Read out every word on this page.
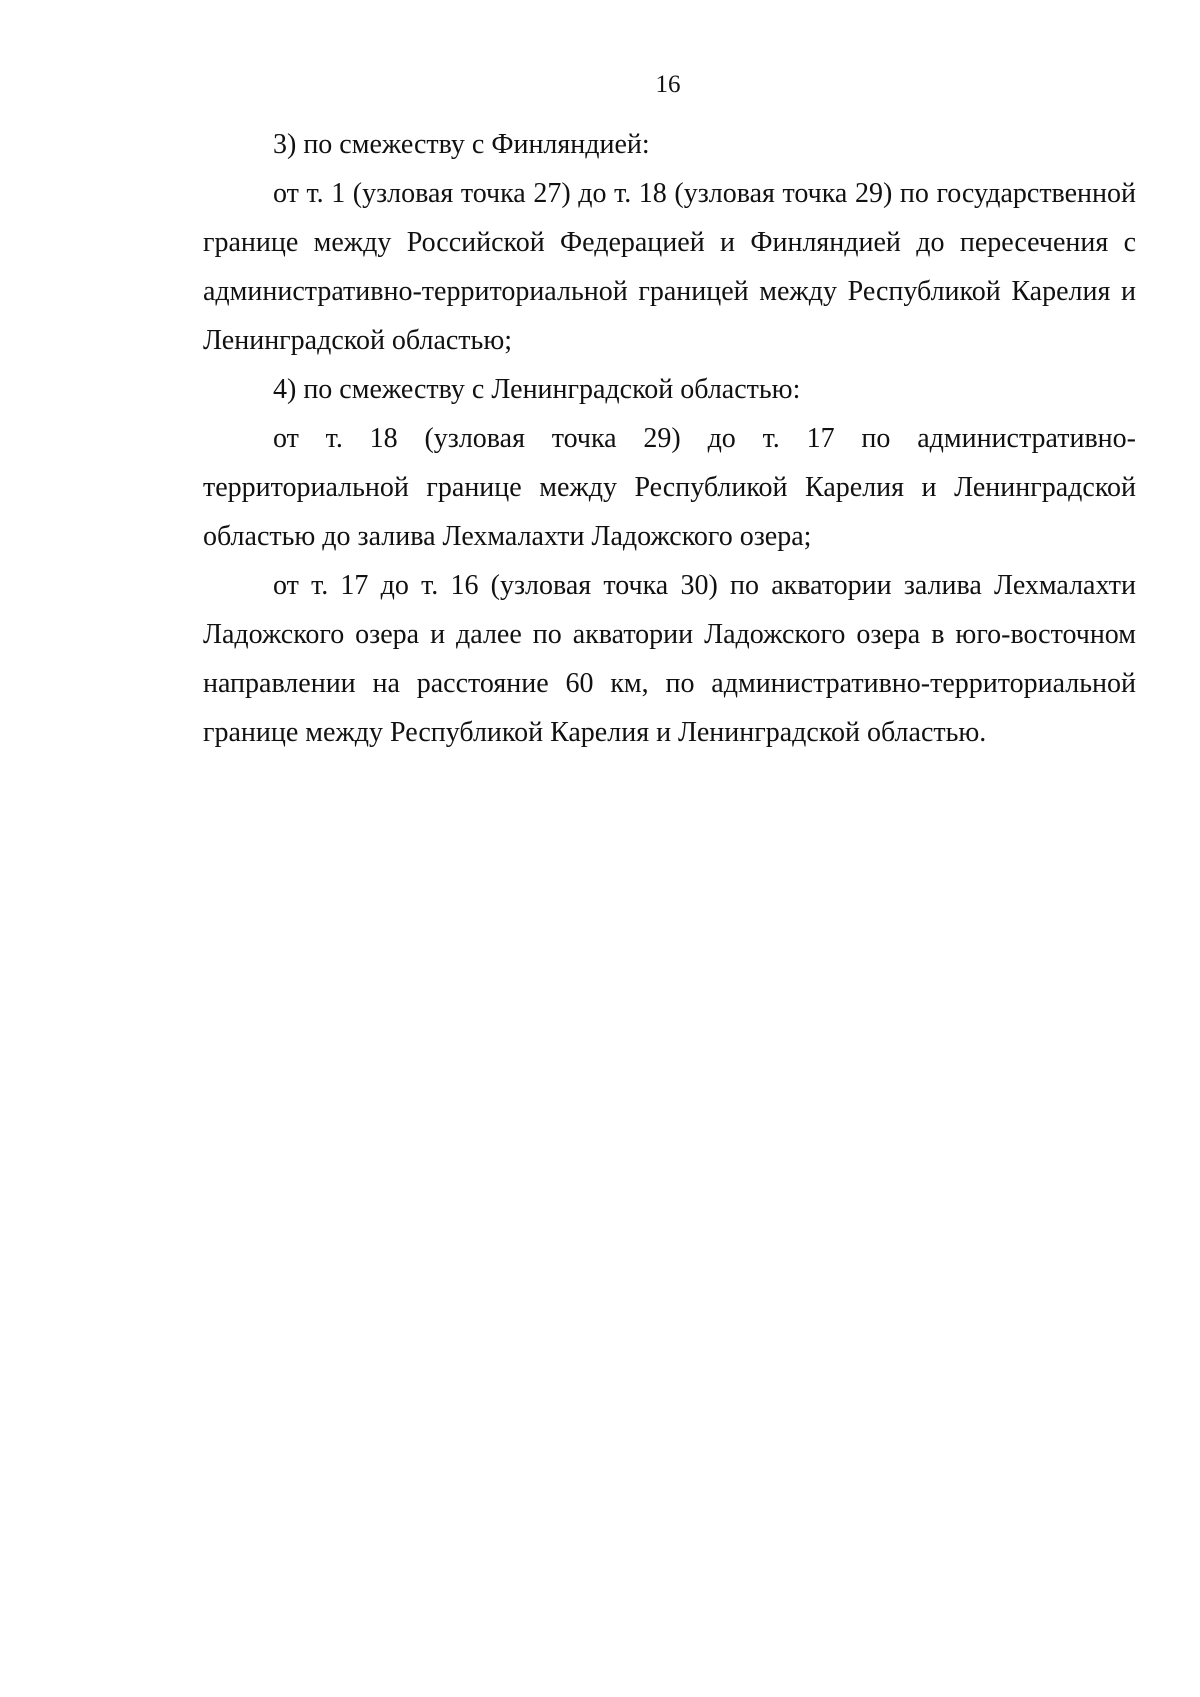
16

3) по смежеству с Финляндией:

от т. 1 (узловая точка 27) до т. 18 (узловая точка 29) по государственной границе между Российской Федерацией и Финляндией до пересечения с административно-территориальной границей между Республикой Карелия и Ленинградской областью;

4) по смежеству с Ленинградской областью:

от т. 18 (узловая точка 29) до т. 17 по административно-территориальной границе между Республикой Карелия и Ленинградской областью до залива Лехмалахти Ладожского озера;

от т. 17 до т. 16 (узловая точка 30) по акватории залива Лехмалахти Ладожского озера и далее по акватории Ладожского озера в юго-восточном направлении на расстояние 60 км, по административно-территориальной границе между Республикой Карелия и Ленинградской областью.
